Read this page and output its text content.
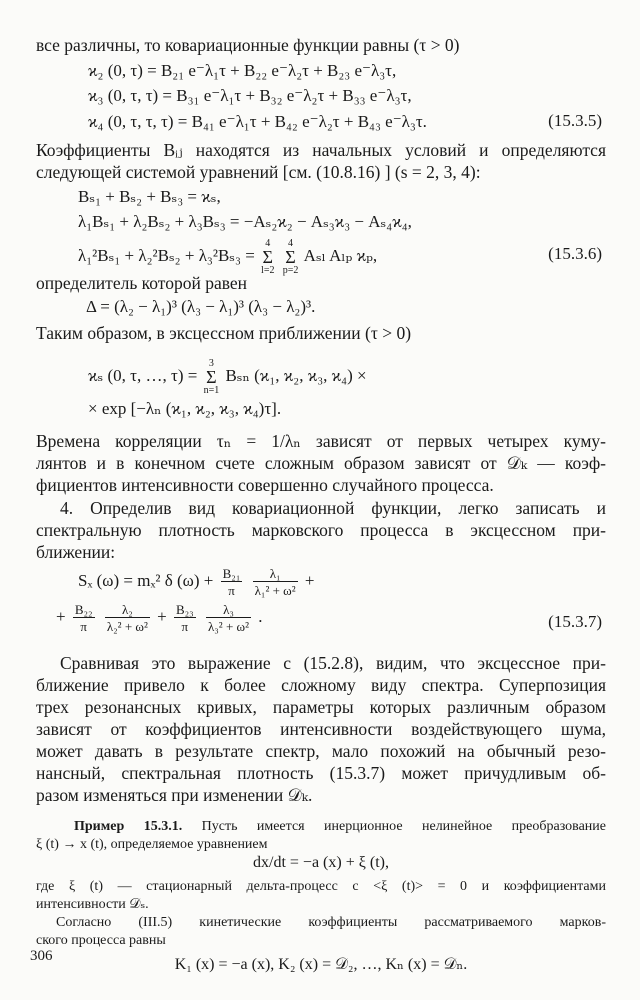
все различны, то ковариационные функции равны (τ > 0)
ϰ₂ (0, τ) = B₂₁ e⁻λ₁τ + B₂₂ e⁻λ₂τ + B₂₃ e⁻λ₃τ,
ϰ₃ (0, τ, τ) = B₃₁ e⁻λ₁τ + B₃₂ e⁻λ₂τ + B₃₃ e⁻λ₃τ,
ϰ₄ (0, τ, τ, τ) = B₄₁ e⁻λ₁τ + B₄₂ e⁻λ₂τ + B₄₃ e⁻λ₃τ.	(15.3.5)
Коэффициенты Bᵢⱼ находятся из начальных условий и определяются
следующей системой уравнений [см. (10.8.16) ] (s = 2, 3, 4):
Bₛ₁ + Bₛ₂ + Bₛ₃ = ϰₛ,
λ₁Bₛ₁ + λ₂Bₛ₂ + λ₃Bₛ₃ = −Aₛ₂ϰ₂ − Aₛ₃ϰ₃ − Aₛ₄ϰ₄,
λ₁²Bₛ₁ + λ₂²Bₛ₂ + λ₃²Bₛ₃ =
4
Σ
l=2

4
Σ
p=2
Aₛₗ Aₗₚ ϰₚ,	(15.3.6)
определитель которой равен
Δ = (λ₂ − λ₁)³ (λ₃ − λ₁)³ (λ₃ − λ₂)³.
Таким образом, в эксцессном приближении (τ > 0)
ϰₛ (0, τ, …, τ) =
3
Σ
n=1
Bₛₙ (ϰ₁, ϰ₂, ϰ₃, ϰ₄) ×
× exp [−λₙ (ϰ₁, ϰ₂, ϰ₃, ϰ₄)τ].
Времена корреляции τₙ = 1/λₙ зависят от первых четырех куму-
лянтов и в конечном счете сложным образом зависят от 𝒟ₖ — коэф-
фициентов интенсивности совершенно случайного процесса.
4. Определив вид ковариационной функции, легко записать и
спектральную плотность марковского процесса в эксцессном при-
ближении:
Sₓ (ω) = mₓ² δ $(\omega) + \frac{\text{B₂₁}}{\pi}$
$\frac{\text{λ₁}}{\text{λ₁² + ω²}}$ +
+ $\frac{\text{B₂₂}}{\pi}$
$\frac{\text{λ₂}}{\text{λ₂² + ω²}} + \frac{\text{B₂₃}}{\pi}$
$\frac{\text{λ₃}}{\text{λ₃² + ω²}}$ .	(15.3.7)
Сравнивая это выражение с (15.2.8), видим, что эксцессное при-
ближение привело к более сложному виду спектра. Суперпозиция
трех резонансных кривых, параметры которых различным образом
зависят от коэффициентов интенсивности воздействующего шума,
может давать в результате спектр, мало похожий на обычный резо-
нансный, спектральная плотность (15.3.7) может причудливым об-
разом изменяться при изменении 𝒟ₖ.
Пример 15.3.1. Пусть имеется инерционное нелинейное преобразование
ξ (t) → x (t), определяемое уравнением
dx/dt = −a (x) + ξ (t),
где ξ (t) — стационарный дельта-процесс с <ξ (t)> = 0 и коэффициентами
интенсивности 𝒟ₛ.
Согласно (III.5) кинетические коэффициенты рассматриваемого марков-
ского процесса равны
K₁ (x) = −a (x), K₂ (x) = 𝒟₂, …, Kₙ (x) = 𝒟ₙ.
306
